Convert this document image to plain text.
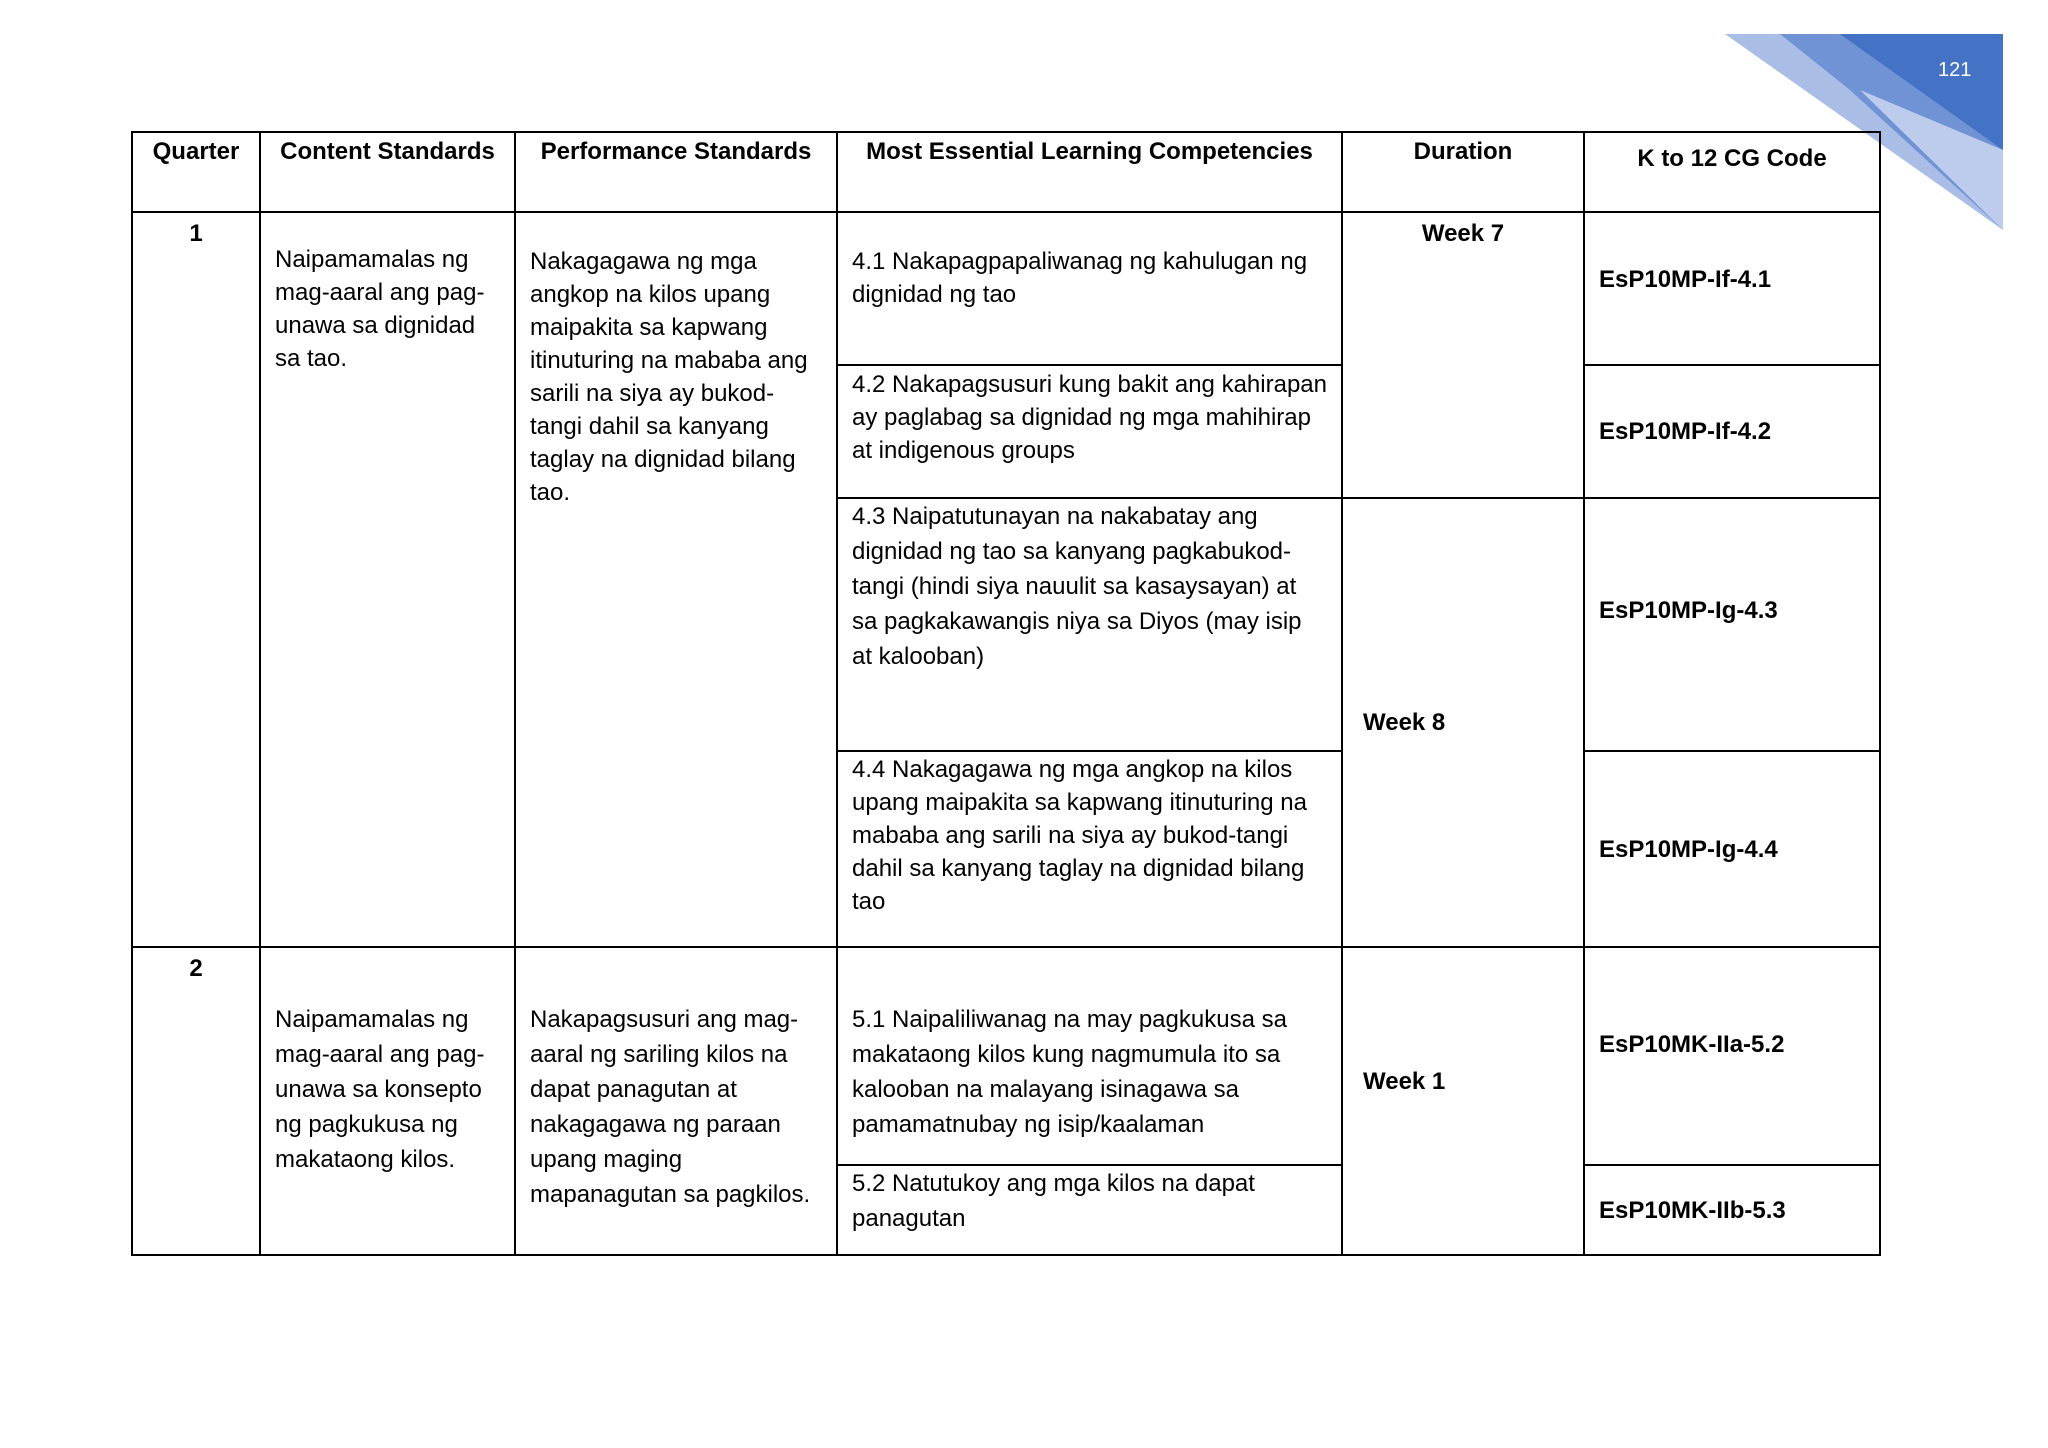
121
Quarter	Content Standards	Performance Standards	Most Essential Learning Competencies	Duration	K to 12 CG Code
1	Naipamamalas ng mag-aaral ang pag-unawa sa dignidad sa tao.	Nakagagawa ng mga angkop na kilos upang maipakita sa kapwang itinuturing na mababa ang sarili na siya ay bukod-tangi dahil sa kanyang taglay na dignidad bilang tao.	4.1 Nakapagpapaliwanag ng kahulugan ng dignidad ng tao	Week 7	EsP10MP-If-4.1
			4.2 Nakapagsusuri kung bakit ang kahirapan ay paglabag sa dignidad ng mga mahihirap at indigenous groups		EsP10MP-If-4.2
			4.3 Naipatutunayan na nakabatay ang dignidad ng tao sa kanyang pagkabukod-tangi (hindi siya nauulit sa kasaysayan) at sa pagkakawangis niya sa Diyos (may isip at kalooban)	Week 8	EsP10MP-Ig-4.3
			4.4 Nakagagawa ng mga angkop na kilos upang maipakita sa kapwang itinuturing na mababa ang sarili na siya ay bukod-tangi dahil sa kanyang taglay na dignidad bilang tao		EsP10MP-Ig-4.4
2	Naipamamalas ng mag-aaral ang pag-unawa sa konsepto ng pagkukusa ng makataong kilos.	Nakapagsusuri ang mag-aaral ng sariling kilos na dapat panagutan at nakagagawa ng paraan upang maging mapanagutan sa pagkilos.	5.1 Naipaliliwanag na may pagkukusa sa makataong kilos kung nagmumula ito sa kalooban na malayang isinagawa sa pamamatnubay ng isip/kaalaman	Week 1	EsP10MK-IIa-5.2
			5.2 Natutukoy ang mga kilos na dapat panagutan		EsP10MK-IIb-5.3
